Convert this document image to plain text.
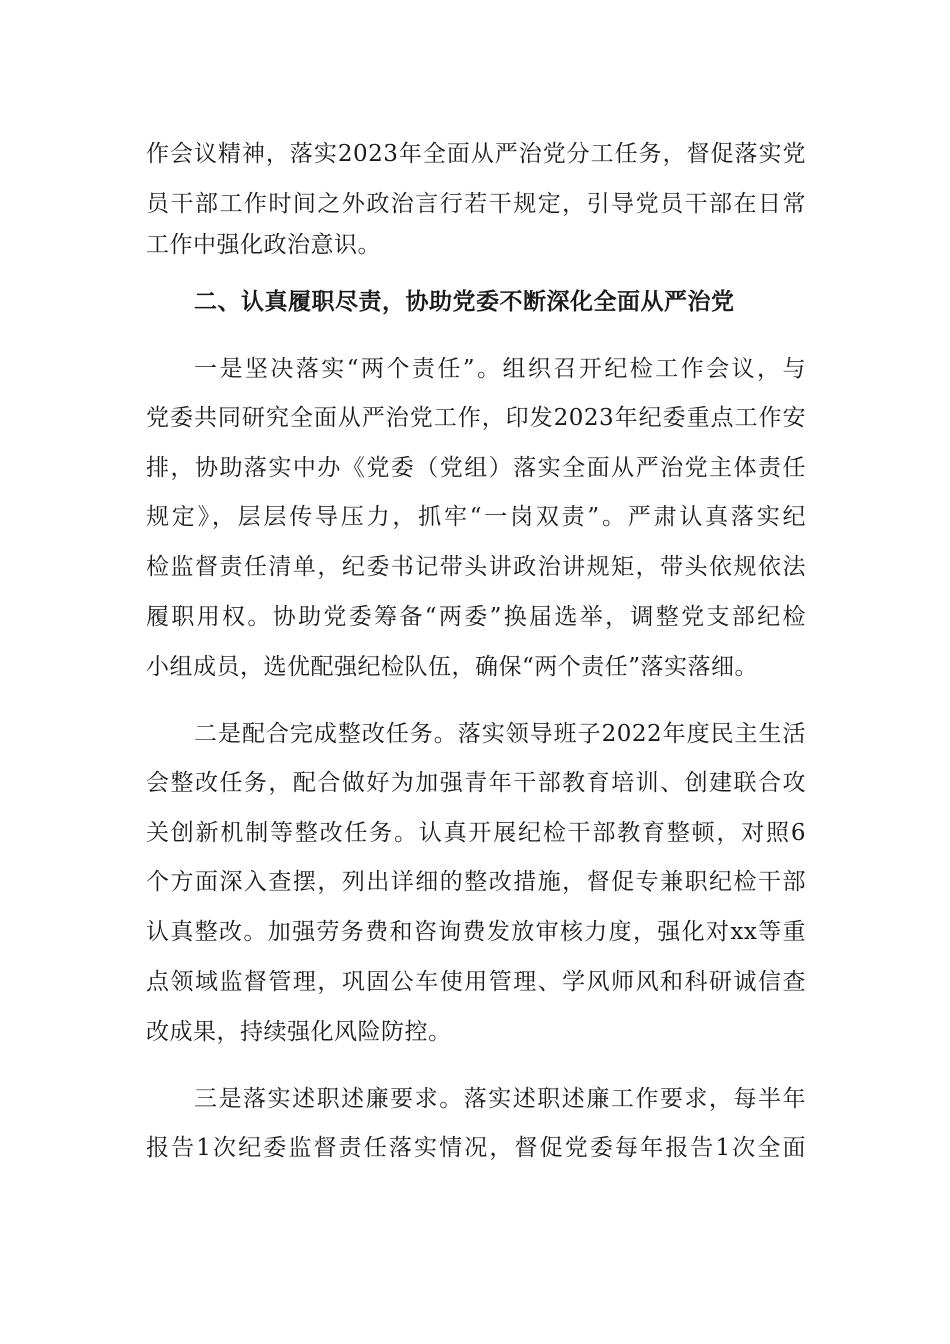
作会议精神，落实2023年全面从严治党分工任务，督促落实党
员干部工作时间之外政治言行若干规定，引导党员干部在日常
工作中强化政治意识。
二、认真履职尽责，协助党委不断深化全面从严治党
一是坚决落实“两个责任”。组织召开纪检工作会议，与
党委共同研究全面从严治党工作，印发2023年纪委重点工作安
排，协助落实中办《党委（党组）落实全面从严治党主体责任
规定》，层层传导压力，抓牢“一岗双责”。严肃认真落实纪
检监督责任清单，纪委书记带头讲政治讲规矩，带头依规依法
履职用权。协助党委筹备“两委”换届选举，调整党支部纪检
小组成员，选优配强纪检队伍，确保“两个责任”落实落细。
二是配合完成整改任务。落实领导班子2022年度民主生活
会整改任务，配合做好为加强青年干部教育培训、创建联合攻
关创新机制等整改任务。认真开展纪检干部教育整顿，对照6
个方面深入查摆，列出详细的整改措施，督促专兼职纪检干部
认真整改。加强劳务费和咨询费发放审核力度，强化对xx等重
点领域监督管理，巩固公车使用管理、学风师风和科研诚信查
改成果，持续强化风险防控。
三是落实述职述廉要求。落实述职述廉工作要求，每半年
报告1次纪委监督责任落实情况，督促党委每年报告1次全面
